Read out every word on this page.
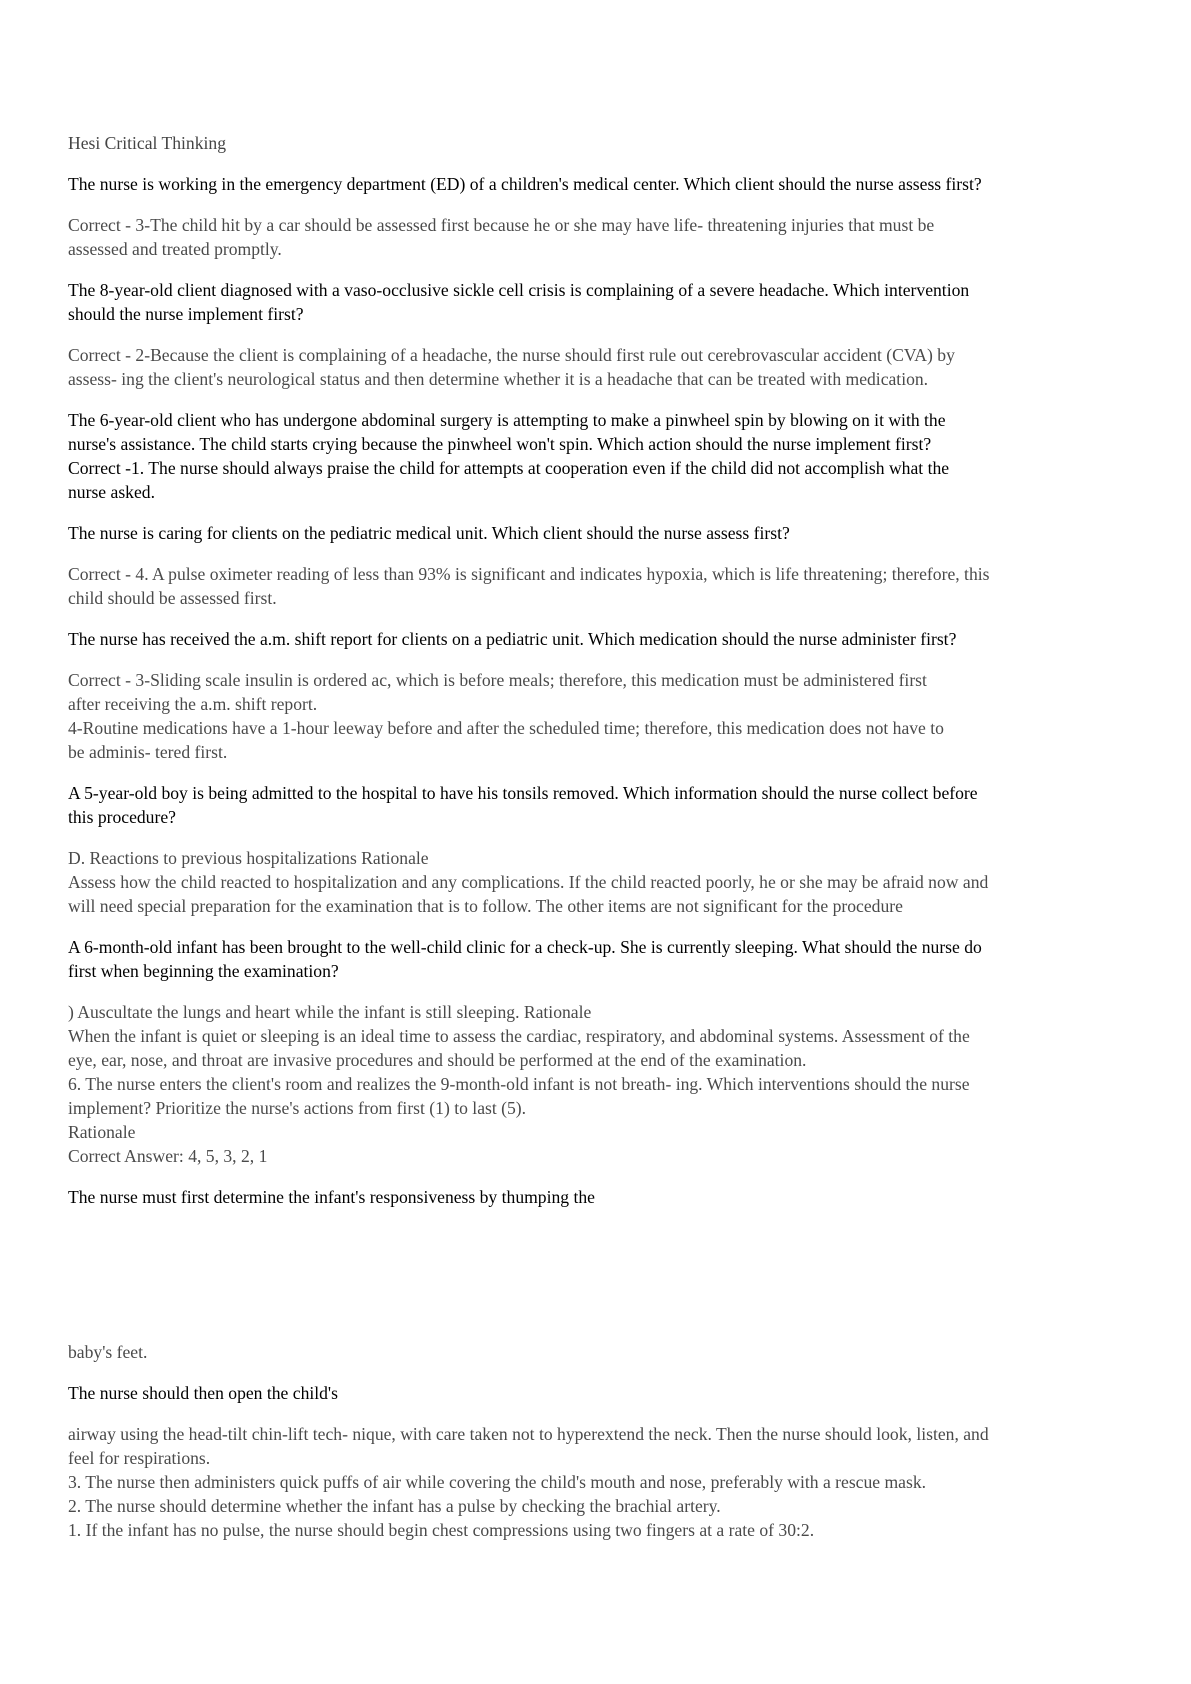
Hesi Critical Thinking
The nurse is working in the emergency department (ED) of a children's medical center. Which client should the nurse assess first?
Correct - 3-The child hit by a car should be assessed first because he or she may have life- threatening injuries that must be
assessed and treated promptly.
The 8-year-old client diagnosed with a vaso-occlusive sickle cell crisis is complaining of a severe headache. Which intervention
should the nurse implement first?
Correct - 2-Because the client is complaining of a headache, the nurse should first rule out cerebrovascular accident (CVA) by
assess- ing the client's neurological status and then determine whether it is a headache that can be treated with medication.
The 6-year-old client who has undergone abdominal surgery is attempting to make a pinwheel spin by blowing on it with the
nurse's assistance. The child starts crying because the pinwheel won't spin. Which action should the nurse implement first?
Correct -1. The nurse should always praise the child for attempts at cooperation even if the child did not accomplish what the
nurse asked.
The nurse is caring for clients on the pediatric medical unit. Which client should the nurse assess first?
Correct - 4. A pulse oximeter reading of less than 93% is significant and indicates hypoxia, which is life threatening; therefore, this
child should be assessed first.
The nurse has received the a.m. shift report for clients on a pediatric unit. Which medication should the nurse administer first?
Correct - 3-Sliding scale insulin is ordered ac, which is before meals; therefore, this medication must be administered first
after receiving the a.m. shift report.
4-Routine medications have a 1-hour leeway before and after the scheduled time; therefore, this medication does not have to
be adminis- tered first.
A 5-year-old boy is being admitted to the hospital to have his tonsils removed. Which information should the nurse collect before
this procedure?
D. Reactions to previous hospitalizations Rationale
Assess how the child reacted to hospitalization and any complications. If the child reacted poorly, he or she may be afraid now and
will need special preparation for the examination that is to follow. The other items are not significant for the procedure
A 6-month-old infant has been brought to the well-child clinic for a check-up. She is currently sleeping. What should the nurse do
first when beginning the examination?
) Auscultate the lungs and heart while the infant is still sleeping. Rationale
When the infant is quiet or sleeping is an ideal time to assess the cardiac, respiratory, and abdominal systems. Assessment of the
eye, ear, nose, and throat are invasive procedures and should be performed at the end of the examination.
6. The nurse enters the client's room and realizes the 9-month-old infant is not breath- ing. Which interventions should the nurse
implement? Prioritize the nurse's actions from first (1) to last (5).
Rationale
Correct Answer: 4, 5, 3, 2, 1
The nurse must first determine the infant's responsiveness by thumping the
baby's feet.
The nurse should then open the child's
airway using the head-tilt chin-lift tech- nique, with care taken not to hyperextend the neck. Then the nurse should look, listen, and
feel for respirations.
3. The nurse then administers quick puffs of air while covering the child's mouth and nose, preferably with a rescue mask.
2. The nurse should determine whether the infant has a pulse by checking the brachial artery.
1. If the infant has no pulse, the nurse should begin chest compressions using two fingers at a rate of 30:2.
